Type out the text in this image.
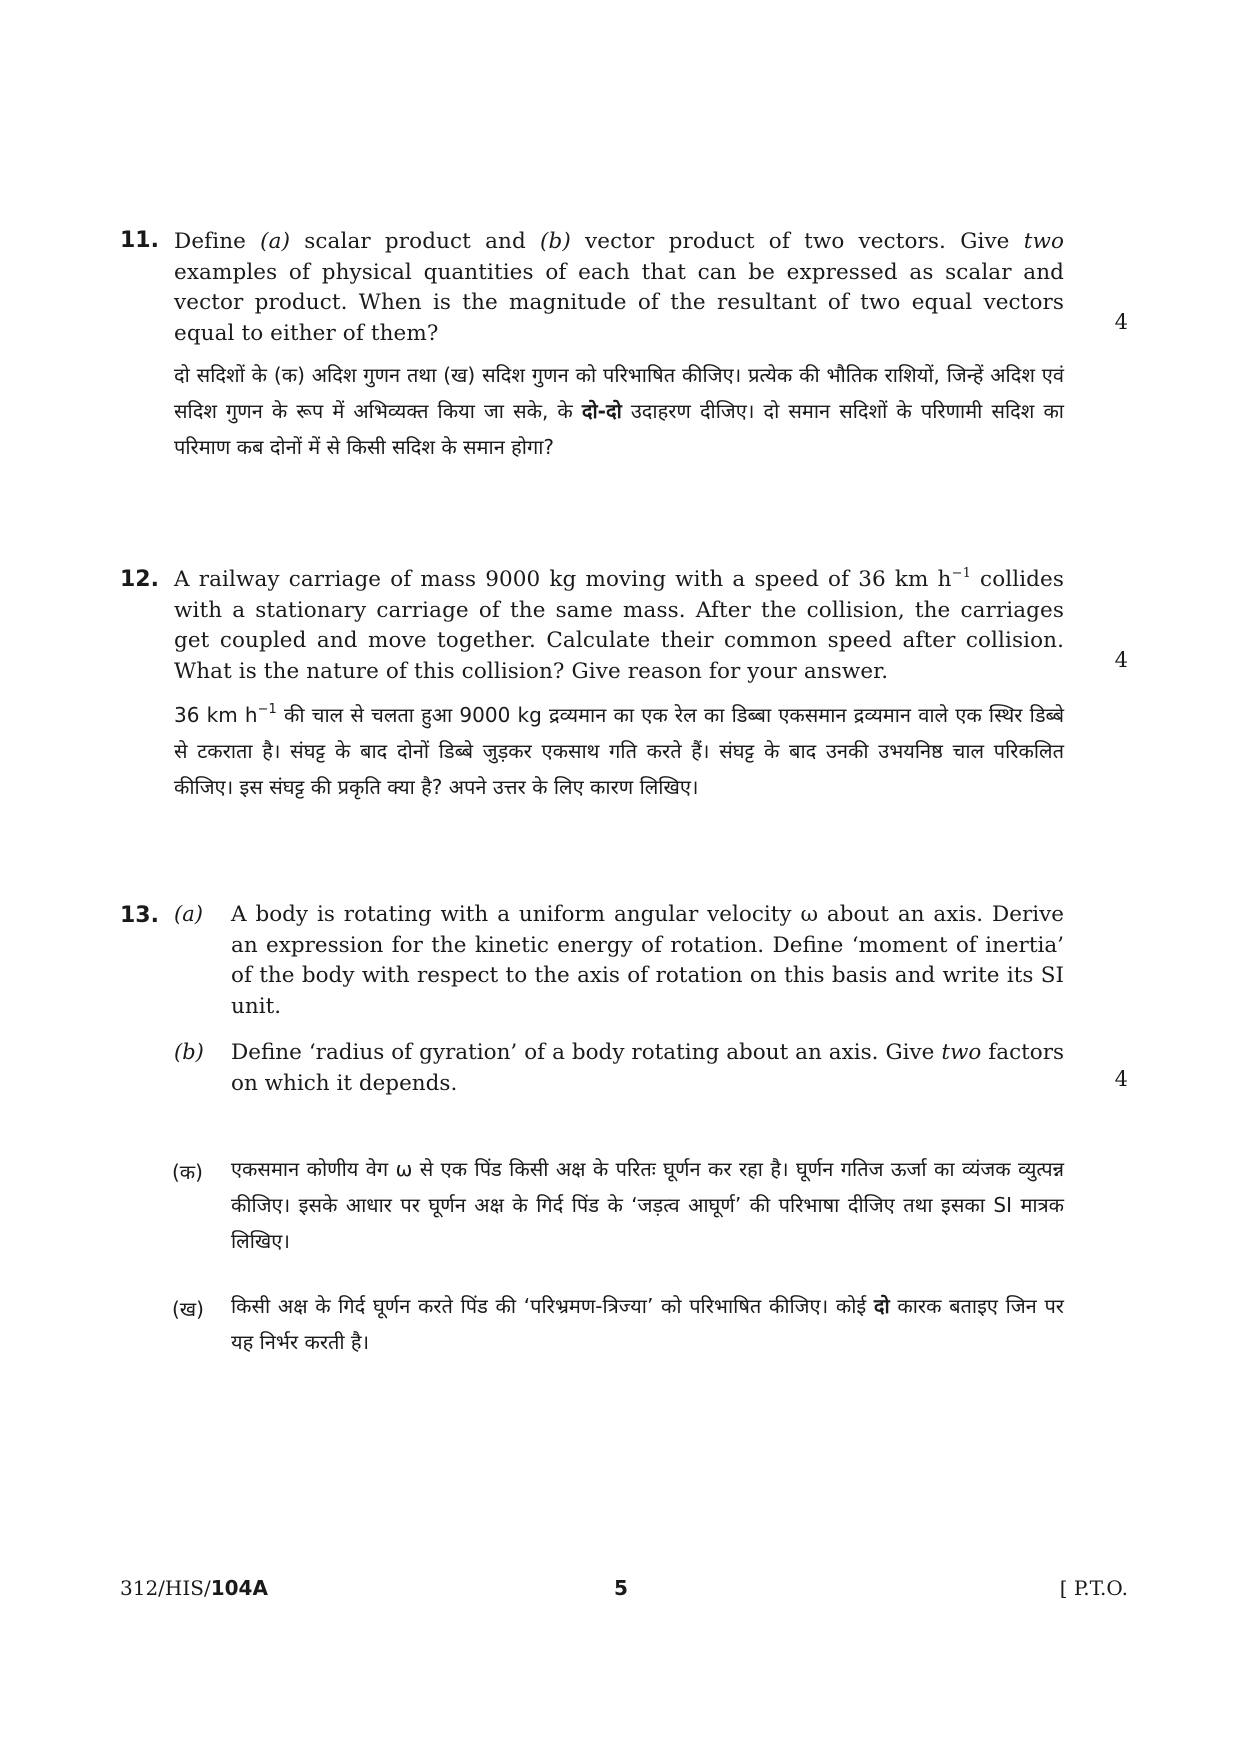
11. Define (a) scalar product and (b) vector product of two vectors. Give two examples of physical quantities of each that can be expressed as scalar and vector product. When is the magnitude of the resultant of two equal vectors equal to either of them?	4
दो सदिशों के (क) अदिश गुणन तथा (ख) सदिश गुणन को परिभाषित कीजिए। प्रत्येक की भौतिक राशियों, जिन्हें अदिश एवं सदिश गुणन के रूप में अभिव्यक्त किया जा सके, के दो-दो उदाहरण दीजिए। दो समान सदिशों के परिणामी सदिश का परिमाण कब दोनों में से किसी सदिश के समान होगा?
12. A railway carriage of mass 9000 kg moving with a speed of 36 km $h^{-1}$ collides with a stationary carriage of the same mass. After the collision, the carriages get coupled and move together. Calculate their common speed after collision. What is the nature of this collision? Give reason for your answer.	4
36 km $h^{-1}$ की चाल से चलता हुआ 9000 kg द्रव्यमान का एक रेल का डिब्बा एकसमान द्रव्यमान वाले एक स्थिर डिब्बे से टकराता है। संघट्ट के बाद दोनों डिब्बे जुड़कर एकसाथ गति करते हैं। संघट्ट के बाद उनकी उभयनिष्ठ चाल परिकलित कीजिए। इस संघट्ट की प्रकृति क्या है? अपने उत्तर के लिए कारण लिखिए।
13. (a) A body is rotating with a uniform angular velocity ω about an axis. Derive an expression for the kinetic energy of rotation. Define ‘moment of inertia’ of the body with respect to the axis of rotation on this basis and write its SI unit.
(b) Define ‘radius of gyration’ of a body rotating about an axis. Give two factors on which it depends.	4
(क) एकसमान कोणीय वेग ω से एक पिंड किसी अक्ष के परितः घूर्णन कर रहा है। घूर्णन गतिज ऊर्जा का व्यंजक व्युत्पन्न कीजिए। इसके आधार पर घूर्णन अक्ष के गिर्द पिंड के ‘जड़त्व आघूर्ण’ की परिभाषा दीजिए तथा इसका SI मात्रक लिखिए।
(ख) किसी अक्ष के गिर्द घूर्णन करते पिंड की ‘परिभ्रमण-त्रिज्या’ को परिभाषित कीजिए। कोई दो कारक बताइए जिन पर यह निर्भर करती है।
312/HIS/104A	5	[ P.T.O.
